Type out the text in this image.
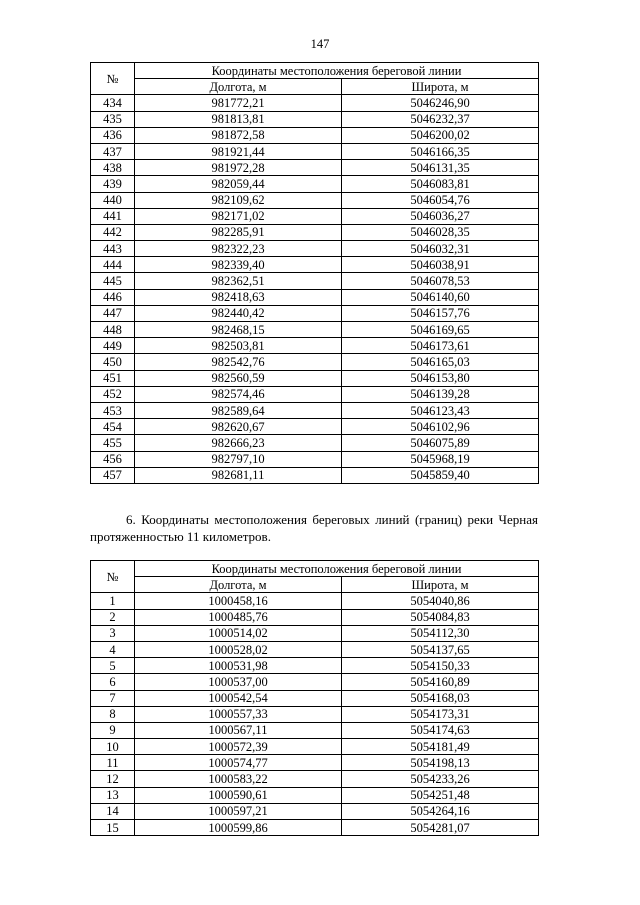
147
№	Координаты местоположения береговой линии	
	Долгота, м	Широта, м
434	981772,21	5046246,90
435	981813,81	5046232,37
436	981872,58	5046200,02
437	981921,44	5046166,35
438	981972,28	5046131,35
439	982059,44	5046083,81
440	982109,62	5046054,76
441	982171,02	5046036,27
442	982285,91	5046028,35
443	982322,23	5046032,31
444	982339,40	5046038,91
445	982362,51	5046078,53
446	982418,63	5046140,60
447	982440,42	5046157,76
448	982468,15	5046169,65
449	982503,81	5046173,61
450	982542,76	5046165,03
451	982560,59	5046153,80
452	982574,46	5046139,28
453	982589,64	5046123,43
454	982620,67	5046102,96
455	982666,23	5046075,89
456	982797,10	5045968,19
457	982681,11	5045859,40
6. Координаты местоположения береговых линий (границ) реки Черная
протяженностью 11 километров.
№	Координаты местоположения береговой линии	
	Долгота, м	Широта, м
1	1000458,16	5054040,86
2	1000485,76	5054084,83
3	1000514,02	5054112,30
4	1000528,02	5054137,65
5	1000531,98	5054150,33
6	1000537,00	5054160,89
7	1000542,54	5054168,03
8	1000557,33	5054173,31
9	1000567,11	5054174,63
10	1000572,39	5054181,49
11	1000574,77	5054198,13
12	1000583,22	5054233,26
13	1000590,61	5054251,48
14	1000597,21	5054264,16
15	1000599,86	5054281,07
